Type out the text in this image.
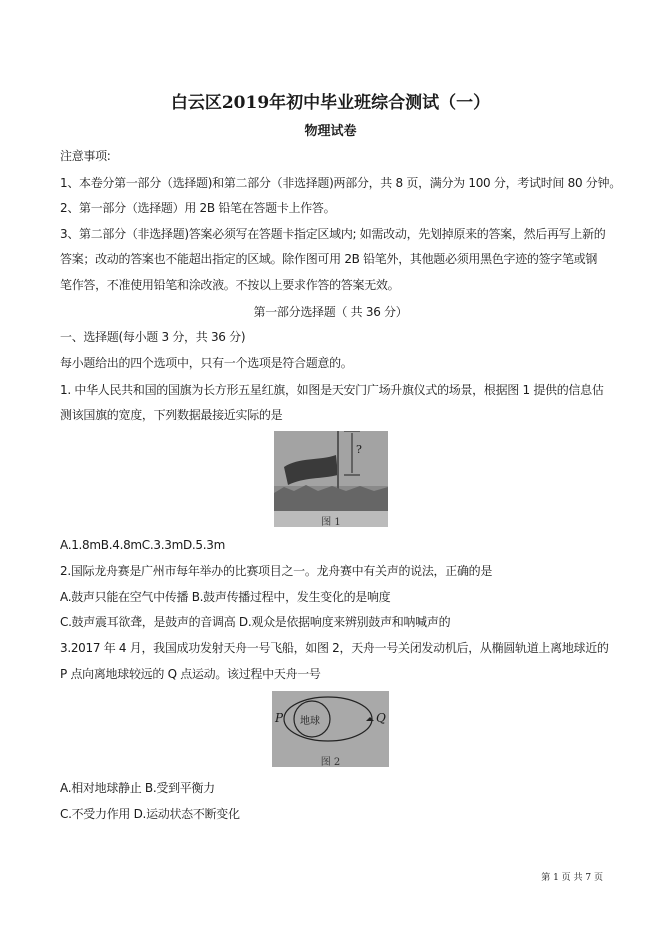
白云区2019年初中毕业班综合测试（一）
物理试卷
注意事项:
1、本卷分第一部分（选择题)和第二部分（非选择题)两部分，共 8 页，满分为 100 分，考试时间 80 分钟。
2、第一部分（选择题）用 2B 铅笔在答题卡上作答。
3、第二部分（非选择题)答案必须写在答题卡指定区域内; 如需改动，先划掉原来的答案，然后再写上新的
答案；改动的答案也不能超出指定的区域。除作图可用 2B 铅笔外，其他题必须用黑色字迹的签字笔或钢
笔作答，不准使用铅笔和涂改液。不按以上要求作答的答案无效。
第一部分选择题（ 共 36 分）
一、选择题(每小题 3 分，共 36 分)
每小题给出的四个选项中，只有一个选项是符合题意的。
1. 中华人民共和国的国旗为长方形五星红旗，如图是天安门广场升旗仪式的场景，根据图 1 提供的信息估
测该国旗的宽度，下列数据最接近实际的是
?
图 1
A.1.8mB.4.8mC.3.3mD.5.3m
2.国际龙舟赛是广州市每年举办的比赛项目之一。龙舟赛中有关声的说法，正确的是
A.鼓声只能在空气中传播 B.鼓声传播过程中，发生变化的是响度
C.鼓声震耳欲聋，是鼓声的音调高 D.观众是依据响度来辨别鼓声和呐喊声的
3.2017 年 4 月，我国成功发射天舟一号飞船，如图 2，天舟一号关闭发动机后，从椭圆轨道上离地球近的
P 点向离地球较远的 Q 点运动。该过程中天舟一号
P	Q
地球
图 2
A.相对地球静止 B.受到平衡力
C.不受力作用 D.运动状态不断变化
第 1 页 共 7 页
